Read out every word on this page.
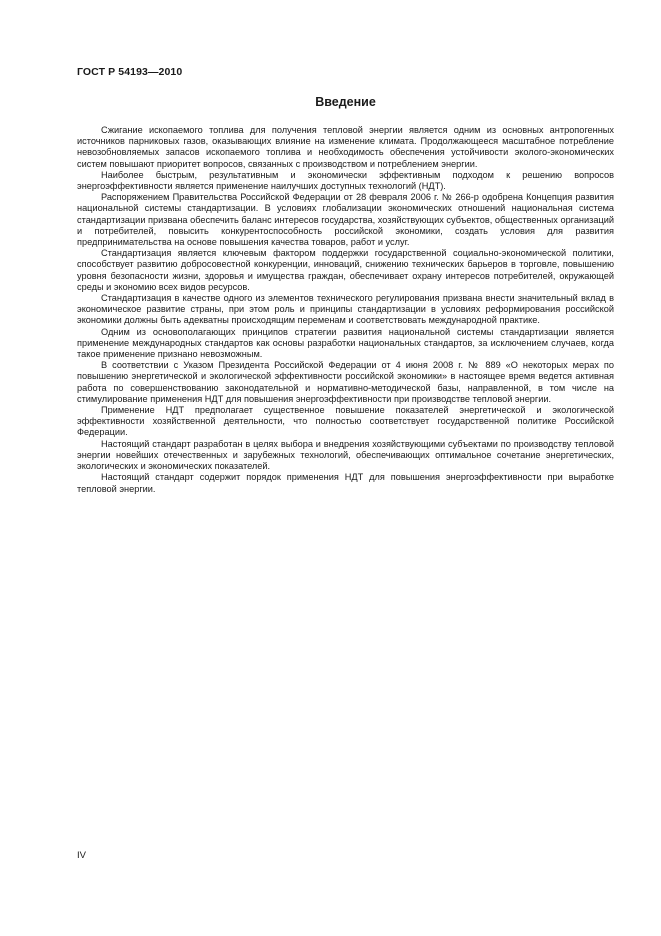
ГОСТ Р 54193—2010
Введение

Сжигание ископаемого топлива для получения тепловой энергии является одним из основных антропогенных источников парниковых газов, оказывающих влияние на изменение климата. Продолжающееся масштабное потребление невозобновляемых запасов ископаемого топлива и необходимость обеспечения устойчивости эколого-экономических систем повышают приоритет вопросов, связанных с производством и потреблением энергии.

Наиболее быстрым, результативным и экономически эффективным подходом к решению вопросов энергоэффективности является применение наилучших доступных технологий (НДТ).

Распоряжением Правительства Российской Федерации от 28 февраля 2006 г. № 266-р одобрена Концепция развития национальной системы стандартизации. В условиях глобализации экономических отношений национальная система стандартизации призвана обеспечить баланс интересов государства, хозяйствующих субъектов, общественных организаций и потребителей, повысить конкурентоспособность российской экономики, создать условия для развития предпринимательства на основе повышения качества товаров, работ и услуг.

Стандартизация является ключевым фактором поддержки государственной социально-экономической политики, способствует развитию добросовестной конкуренции, инноваций, снижению технических барьеров в торговле, повышению уровня безопасности жизни, здоровья и имущества граждан, обеспечивает охрану интересов потребителей, окружающей среды и экономию всех видов ресурсов.

Стандартизация в качестве одного из элементов технического регулирования призвана внести значительный вклад в экономическое развитие страны, при этом роль и принципы стандартизации в условиях реформирования российской экономики должны быть адекватны происходящим переменам и соответствовать международной практике.

Одним из основополагающих принципов стратегии развития национальной системы стандартизации является применение международных стандартов как основы разработки национальных стандартов, за исключением случаев, когда такое применение признано невозможным.

В соответствии с Указом Президента Российской Федерации от 4 июня 2008 г. № 889 «О некоторых мерах по повышению энергетической и экологической эффективности российской экономики» в настоящее время ведется активная работа по совершенствованию законодательной и нормативно-методической базы, направленной, в том числе на стимулирование применения НДТ для повышения энергоэффективности при производстве тепловой энергии.

Применение НДТ предполагает существенное повышение показателей энергетической и экологической эффективности хозяйственной деятельности, что полностью соответствует государственной политике Российской Федерации.

Настоящий стандарт разработан в целях выбора и внедрения хозяйствующими субъектами по производству тепловой энергии новейших отечественных и зарубежных технологий, обеспечивающих оптимальное сочетание энергетических, экологических и экономических показателей.

Настоящий стандарт содержит порядок применения НДТ для повышения энергоэффективности при выработке тепловой энергии.

IV
